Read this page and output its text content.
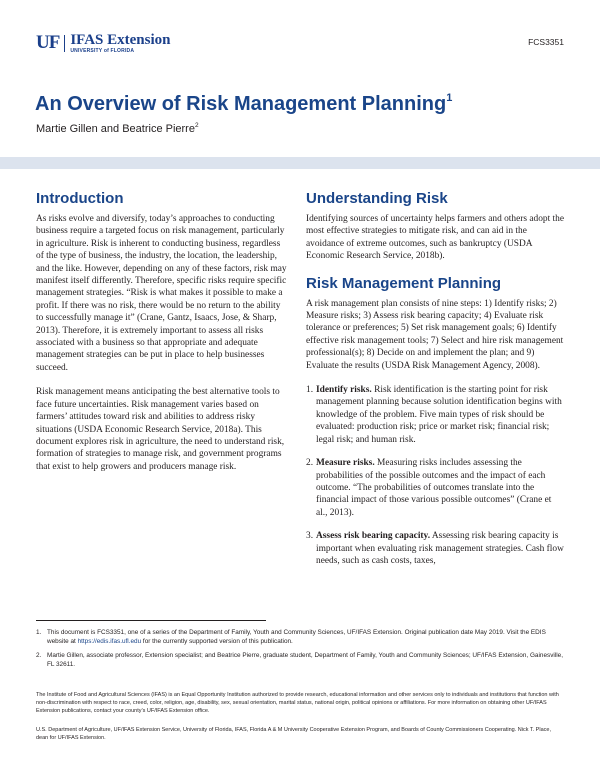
UF IFAS Extension
UNIVERSITY of FLORIDA
FCS3351
An Overview of Risk Management Planning$^1$
Martie Gillen and Beatrice Pierre$^2$
Introduction

As risks evolve and diversify, today’s approaches to conducting business require a targeted focus on risk management, particularly in agriculture. Risk is inherent to conducting business, regardless of the type of business, the industry, the location, the leadership, and the like. However, depending on any of these factors, risk may manifest itself differently. Therefore, specific risks require specific management strategies. “Risk is what makes it possible to make a profit. If there was no risk, there would be no return to the ability to successfully manage it” (Crane, Gantz, Isaacs, Jose, & Sharp, 2013). Therefore, it is extremely important to assess all risks associated with a business so that appropriate and adequate management strategies can be put in place to help businesses succeed.

Risk management means anticipating the best alternative tools to face future uncertainties. Risk management varies based on farmers’ attitudes toward risk and abilities to address risky situations (USDA Economic Research Service, 2018a). This document explores risk in agriculture, the need to understand risk, formation of strategies to manage risk, and government programs that exist to help growers and producers manage risk.

Understanding Risk

Identifying sources of uncertainty helps farmers and others adopt the most effective strategies to mitigate risk, and can aid in the avoidance of extreme outcomes, such as bankruptcy (USDA Economic Research Service, 2018b).

Risk Management Planning

A risk management plan consists of nine steps: 1) Identify risks; 2) Measure risks; 3) Assess risk bearing capacity; 4) Evaluate risk tolerance or preferences; 5) Set risk management goals; 6) Identify effective risk management tools; 7) Select and hire risk management professional(s); 8) Decide on and implement the plan; and 9) Evaluate the results (USDA Risk Management Agency, 2008).

1. Identify risks. Risk identification is the starting point for risk management planning because solution identification begins with knowledge of the problem. Five main types of risk should be evaluated: production risk; price or market risk; financial risk; legal risk; and human risk.
2. Measure risks. Measuring risks includes assessing the probabilities of the possible outcomes and the impact of each outcome. “The probabilities of outcomes translate into the financial impact of those various possible outcomes” (Crane et al., 2013).
3. Assess risk bearing capacity. Assessing risk bearing capacity is important when evaluating risk management strategies. Cash flow needs, such as cash costs, taxes,
1. This document is FCS3351, one of a series of the Department of Family, Youth and Community Sciences, UF/IFAS Extension. Original publication date May 2019. Visit the EDIS website at https://edis.ifas.ufl.edu for the currently supported version of this publication.
2. Martie Gillen, associate professor, Extension specialist; and Beatrice Pierre, graduate student, Department of Family, Youth and Community Sciences; UF/IFAS Extension, Gainesville, FL 32611.

The Institute of Food and Agricultural Sciences (IFAS) is an Equal Opportunity Institution authorized to provide research, educational information and other services only to individuals and institutions that function with non-discrimination with respect to race, creed, color, religion, age, disability, sex, sexual orientation, marital status, national origin, political opinions or affiliations. For more information on obtaining other UF/IFAS Extension publications, contact your county’s UF/IFAS Extension office.

U.S. Department of Agriculture, UF/IFAS Extension Service, University of Florida, IFAS, Florida A & M University Cooperative Extension Program, and Boards of County Commissioners Cooperating. Nick T. Place, dean for UF/IFAS Extension.
